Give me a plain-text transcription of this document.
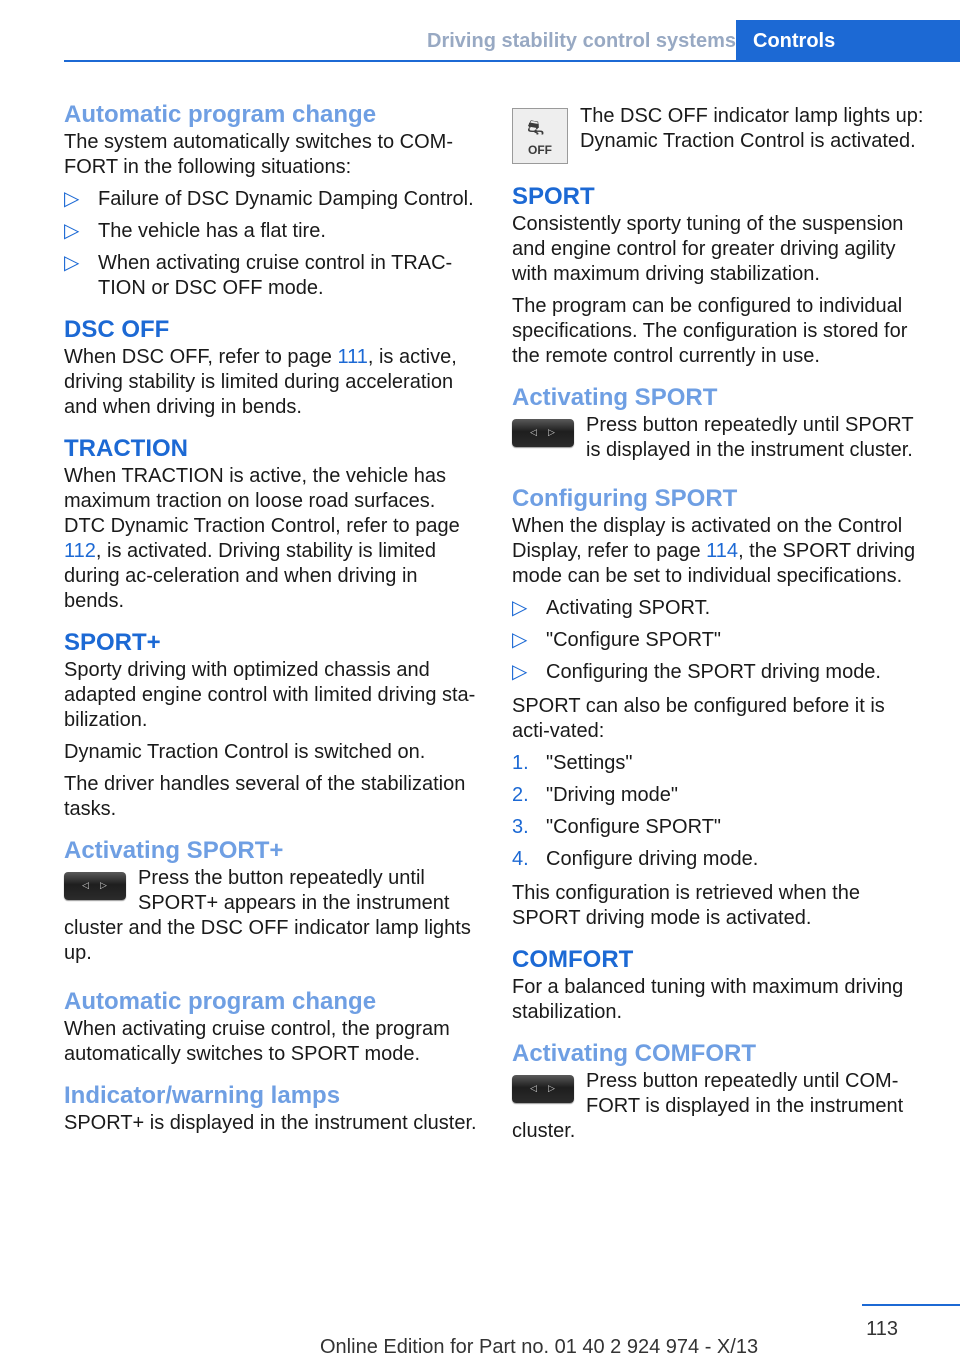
Driving stability control systems Controls
Automatic program change

The system automatically switches to COM‐FORT in the following situations:

▷ Failure of DSC Dynamic Damping Control.
▷ The vehicle has a flat tire.
▷ When activating cruise control in TRAC‐TION or DSC OFF mode.
DSC OFF

When DSC OFF, refer to page 111, is active, driving stability is limited during acceleration and when driving in bends.

TRACTION

When TRACTION is active, the vehicle has maximum traction on loose road surfaces. DTC Dynamic Traction Control, refer to page 112, is activated. Driving stability is limited during ac‐celeration and when driving in bends.

SPORT+

Sporty driving with optimized chassis and adapted engine control with limited driving sta‐bilization.

Dynamic Traction Control is switched on.

The driver handles several of the stabilization tasks.

Activating SPORT+
◁ ▷	Press the button repeatedly until SPORT+ appears in the instrument cluster and the DSC OFF indicator lamp lights up.

Automatic program change

When activating cruise control, the program automatically switches to SPORT mode.

Indicator/warning lamps

SPORT+ is displayed in the instrument cluster.

⛐
OFF

The DSC OFF indicator lamp lights up: Dynamic Traction Control is activated.

SPORT

Consistently sporty tuning of the suspension and engine control for greater driving agility with maximum driving stabilization.

The program can be configured to individual specifications. The configuration is stored for the remote control currently in use.

Activating SPORT
◁ ▷	Press button repeatedly until SPORT is displayed in the instrument cluster.

Configuring SPORT

When the display is activated on the Control Display, refer to page 114, the SPORT driving mode can be set to individual specifications.

▷ Activating SPORT.
▷ "Configure SPORT"
▷ Configuring the SPORT driving mode.

SPORT can also be configured before it is acti‐vated:

1. "Settings"
2. "Driving mode"
3. "Configure SPORT"
4. Configure driving mode.

This configuration is retrieved when the SPORT driving mode is activated.

COMFORT

For a balanced tuning with maximum driving stabilization.

Activating COMFORT
◁ ▷	Press button repeatedly until COM‐FORT is displayed in the instrument cluster.

113
Online Edition for Part no. 01 40 2 924 974 - X/13
